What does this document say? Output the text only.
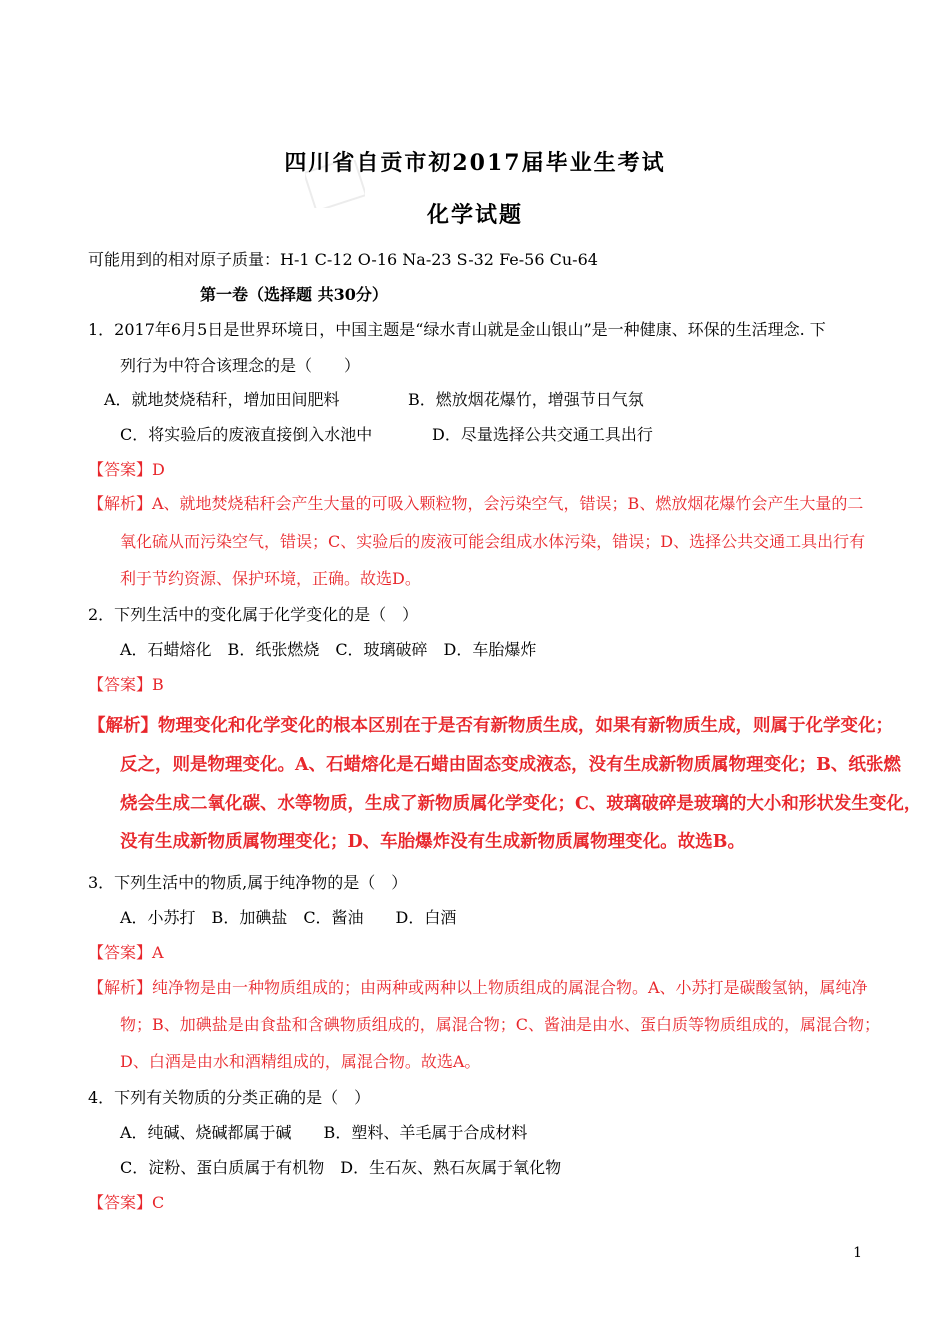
四川省自贡市初2017届毕业生考试
化学试题
可能用到的相对原子质量：H-1 C-12 O-16 Na-23 S-32 Fe-56 Cu-64
第一卷（选择题 共30分）
1．2017年6月5日是世界环境日，中国主题是“绿水青山就是金山银山”是一种健康、环保的生活理念. 下
列行为中符合该理念的是（　　）
A．就地焚烧秸秆，增加田间肥料	B．燃放烟花爆竹，增强节日气氛
C．将实验后的废液直接倒入水池中	D．尽量选择公共交通工具出行
【答案】D
【解析】A、就地焚烧秸秆会产生大量的可吸入颗粒物，会污染空气，错误；B、燃放烟花爆竹会产生大量的二
氧化硫从而污染空气，错误；C、实验后的废液可能会组成水体污染，错误；D、选择公共交通工具出行有
利于节约资源、保护环境，正确。故选D。
2．下列生活中的变化属于化学变化的是（　）
A．石蜡熔化　B．纸张燃烧　C．玻璃破碎　D．车胎爆炸
【答案】B
【解析】物理变化和化学变化的根本区别在于是否有新物质生成，如果有新物质生成，则属于化学变化；
反之，则是物理变化。A、石蜡熔化是石蜡由固态变成液态，没有生成新物质属物理变化；B、纸张燃
烧会生成二氧化碳、水等物质，生成了新物质属化学变化；C、玻璃破碎是玻璃的大小和形状发生变化，
没有生成新物质属物理变化；D、车胎爆炸没有生成新物质属物理变化。故选B。
3．下列生活中的物质,属于纯净物的是（　）
A．小苏打　B．加碘盐　C．酱油　　D．白酒
【答案】A
【解析】纯净物是由一种物质组成的；由两种或两种以上物质组成的属混合物。A、小苏打是碳酸氢钠，属纯净
物；B、加碘盐是由食盐和含碘物质组成的，属混合物；C、酱油是由水、蛋白质等物质组成的，属混合物；
D、白酒是由水和酒精组成的，属混合物。故选A。
4．下列有关物质的分类正确的是（　）
A．纯碱、烧碱都属于碱　　B．塑料、羊毛属于合成材料
C．淀粉、蛋白质属于有机物　D．生石灰、熟石灰属于氧化物
【答案】C
1
